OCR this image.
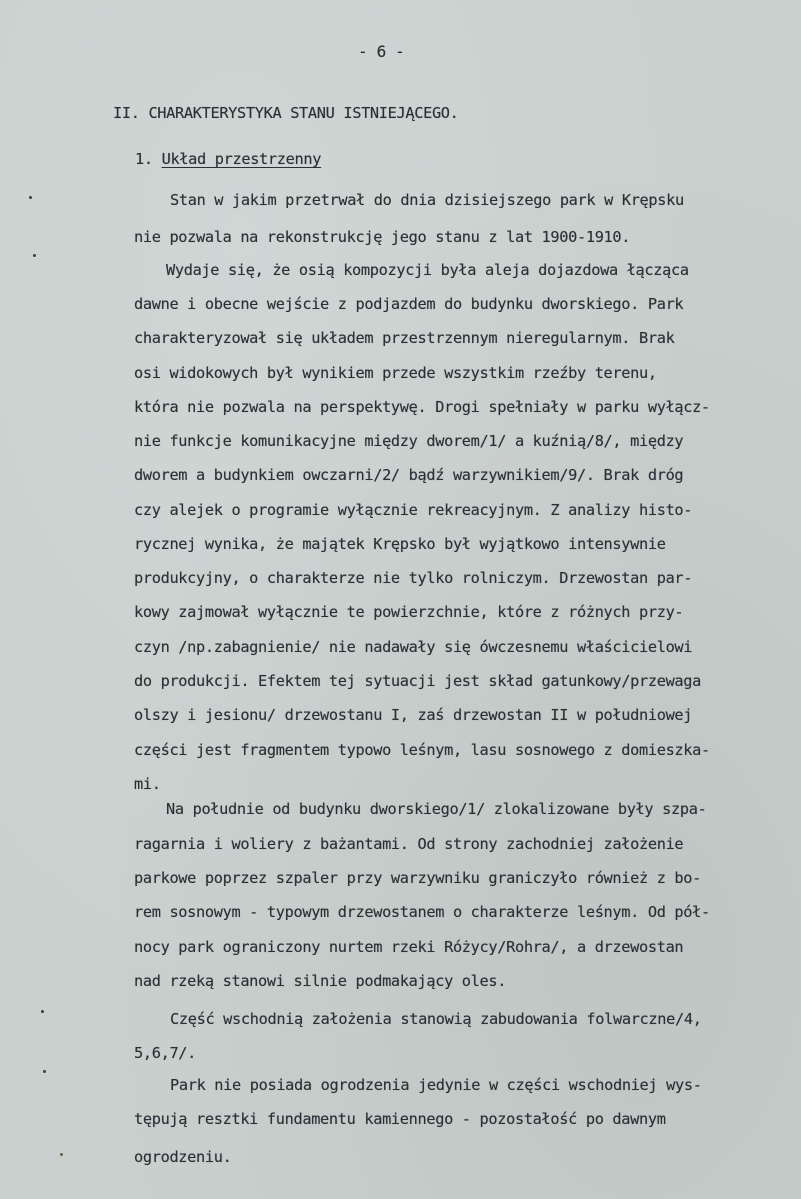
- 6 -
II. CHARAKTERYSTYKA STANU ISTNIEJĄCEGO.
1. Układ przestrzenny
Stan w jakim przetrwał do dnia dzisiejszego park w Krępsku
nie pozwala na rekonstrukcję jego stanu z lat 1900-1910.
Wydaje się, że osią kompozycji była aleja dojazdowa łącząca
dawne i obecne wejście z podjazdem do budynku dworskiego. Park
charakteryzował się układem przestrzennym nieregularnym. Brak
osi widokowych był wynikiem przede wszystkim rzeźby terenu,
która nie pozwala na perspektywę. Drogi spełniały w parku wyłącz-
nie funkcje komunikacyjne między dworem/1/ a kuźnią/8/, między
dworem a budynkiem owczarni/2/ bądź warzywnikiem/9/. Brak dróg
czy alejek o programie wyłącznie rekreacyjnym. Z analizy histo-
rycznej wynika, że majątek Krępsko był wyjątkowo intensywnie
produkcyjny, o charakterze nie tylko rolniczym. Drzewostan par-
kowy zajmował wyłącznie te powierzchnie, które z różnych przy-
czyn /np.zabagnienie/ nie nadawały się ówczesnemu właścicielowi
do produkcji. Efektem tej sytuacji jest skład gatunkowy/przewaga
olszy i jesionu/ drzewostanu I, zaś drzewostan II w południowej
części jest fragmentem typowo leśnym, lasu sosnowego z domieszka-
mi.
Na południe od budynku dworskiego/1/ zlokalizowane były szpa-
ragarnia i woliery z bażantami. Od strony zachodniej założenie
parkowe poprzez szpaler przy warzywniku graniczyło również z bo-
rem sosnowym - typowym drzewostanem o charakterze leśnym. Od pół-
nocy park ograniczony nurtem rzeki Różycy/Rohra/, a drzewostan
nad rzeką stanowi silnie podmakający oles.
Część wschodnią założenia stanowią zabudowania folwarczne/4,
5,6,7/.
Park nie posiada ogrodzenia jedynie w części wschodniej wys-
tępują resztki fundamentu kamiennego - pozostałość po dawnym
ogrodzeniu.
